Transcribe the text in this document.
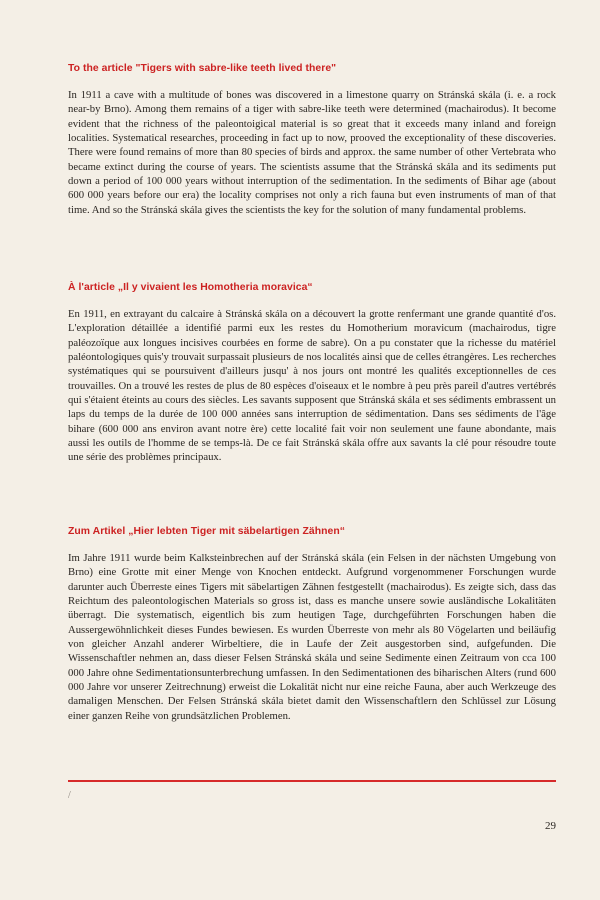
To the article "Tigers with sabre-like teeth lived there"

In 1911 a cave with a multitude of bones was discovered in a limestone quarry on Stránská skála (i. e. a rock near-by Brno). Among them remains of a tiger with sabre-like teeth were determined (machairodus). It become evident that the richness of the paleontoigical material is so great that it exceeds many inland and foreign localities. Systematical researches, proceeding in fact up to now, prooved the exceptionality of these discoveries. There were found remains of more than 80 species of birds and approx. the same number of other Vertebrata who became extinct during the course of years. The scientists assume that the Stránská skála and its sediments put down a period of 100 000 years without interruption of the sedimentation. In the sediments of Bihar age (about 600 000 years before our era) the locality comprises not only a rich fauna but even instruments of man of that time. And so the Stránská skála gives the scientists the key for the solution of many fundamental problems.

À l'article „Il y vivaient les Homotheria moravica“

En 1911, en extrayant du calcaire à Stránská skála on a découvert la grotte renfermant une grande quantité d'os. L'exploration détaillée a identifié parmi eux les restes du Homotherium moravicum (machairodus, tigre paléozoïque aux longues incisives courbées en forme de sabre). On a pu constater que la richesse du matériel paléontologiques quis'y trouvait surpassait plusieurs de nos localités ainsi que de celles étrangères. Les recherches systématiques qui se poursuivent d'ailleurs jusqu' à nos jours ont montré les qualités exceptionnelles de ces trouvailles. On a trouvé les restes de plus de 80 espèces d'oiseaux et le nombre à peu près pareil d'autres vertébrés qui s'étaient éteints au cours des siècles. Les savants supposent que Stránská skála et ses sédiments embrassent un laps du temps de la durée de 100 000 années sans interruption de sédimentation. Dans ses sédiments de l'âge bihare (600 000 ans environ avant notre ère) cette localité fait voir non seulement une faune abondante, mais aussi les outils de l'homme de se temps-là. De ce fait Stránská skála offre aux savants la clé pour résoudre toute une série des problèmes principaux.

Zum Artikel „Hier lebten Tiger mit säbelartigen Zähnen“

Im Jahre 1911 wurde beim Kalksteinbrechen auf der Stránská skála (ein Felsen in der nächsten Umgebung von Brno) eine Grotte mit einer Menge von Knochen entdeckt. Aufgrund vorgenommener Forschungen wurde darunter auch Überreste eines Tigers mit säbelartigen Zähnen festgestellt (machairodus). Es zeigte sich, dass das Reichtum des paleontologischen Materials so gross ist, dass es manche unsere sowie ausländische Lokalitäten überragt. Die systematisch, eigentlich bis zum heutigen Tage, durchgeführten Forschungen haben die Aussergewöhnlichkeit dieses Fundes bewiesen. Es wurden Überreste von mehr als 80 Vögelarten und beiläufig von gleicher Anzahl anderer Wirbeltiere, die in Laufe der Zeit ausgestorben sind, aufgefunden. Die Wissenschaftler nehmen an, dass dieser Felsen Stránská skála und seine Sedimente einen Zeitraum von cca 100 000 Jahre ohne Sedimentationsunterbrechung umfassen. In den Sedimentationen des biharischen Alters (rund 600 000 Jahre vor unserer Zeitrechnung) erweist die Lokalität nicht nur eine reiche Fauna, aber auch Werkzeuge des damaligen Menschen. Der Felsen Stránská skála bietet damit den Wissenschaftlern den Schlüssel zur Lösung einer ganzen Reihe von grundsätzlichen Problemen.

/
29
